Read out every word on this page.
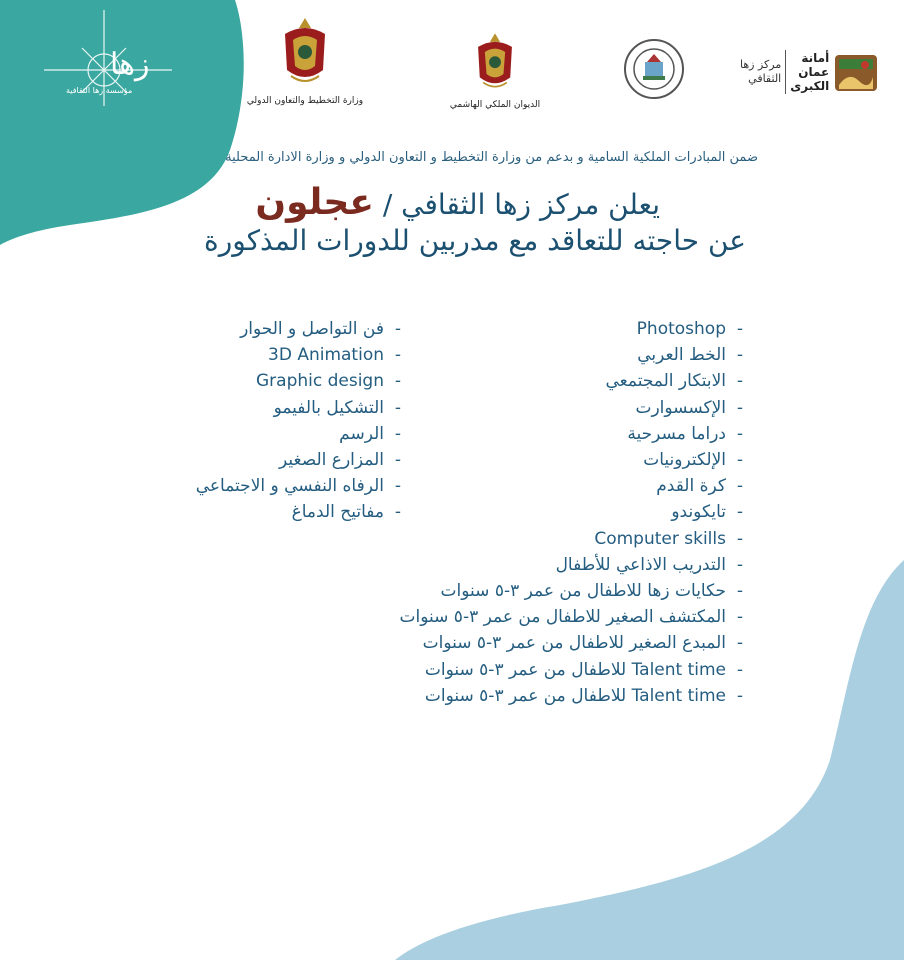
زها
مؤسسة زها الثقافية
وزارة التخطيط والتعاون الدولي	الديوان الملكي الهاشمي
مركز زها
الثقافي
أمانة
عمان
الكبرى
ضمن المبادرات الملكية السامية و بدعم من وزارة التخطيط و التعاون الدولي و وزارة الادارة المحلية
يعلن مركز زها الثقافي / عجلون
عن حاجته للتعاقد مع مدربين للدورات المذكورة
-
Photoshop
-
الخط العربي
-
الابتكار المجتمعي
-
الإكسسوارت
-
دراما مسرحية
-
الإلكترونيات
-
كرة القدم
-
تايكوندو
-
Computer skills
-
التدريب الاذاعي للأطفال
-
حكايات زها للاطفال من عمر ٣-٥ سنوات
-
المكتشف الصغير للاطفال من عمر ٣-٥ سنوات
-
المبدع الصغير للاطفال من عمر ٣-٥ سنوات
-
Talent time للاطفال من عمر ٣-٥ سنوات
-
Talent time للاطفال من عمر ٣-٥ سنوات
-
فن التواصل و الحوار
-
3D Animation
-
Graphic design
-
التشكيل بالفيمو
-
الرسم
-
المزارع الصغير
-
الرفاه النفسي و الاجتماعي
-
مفاتيح الدماغ
